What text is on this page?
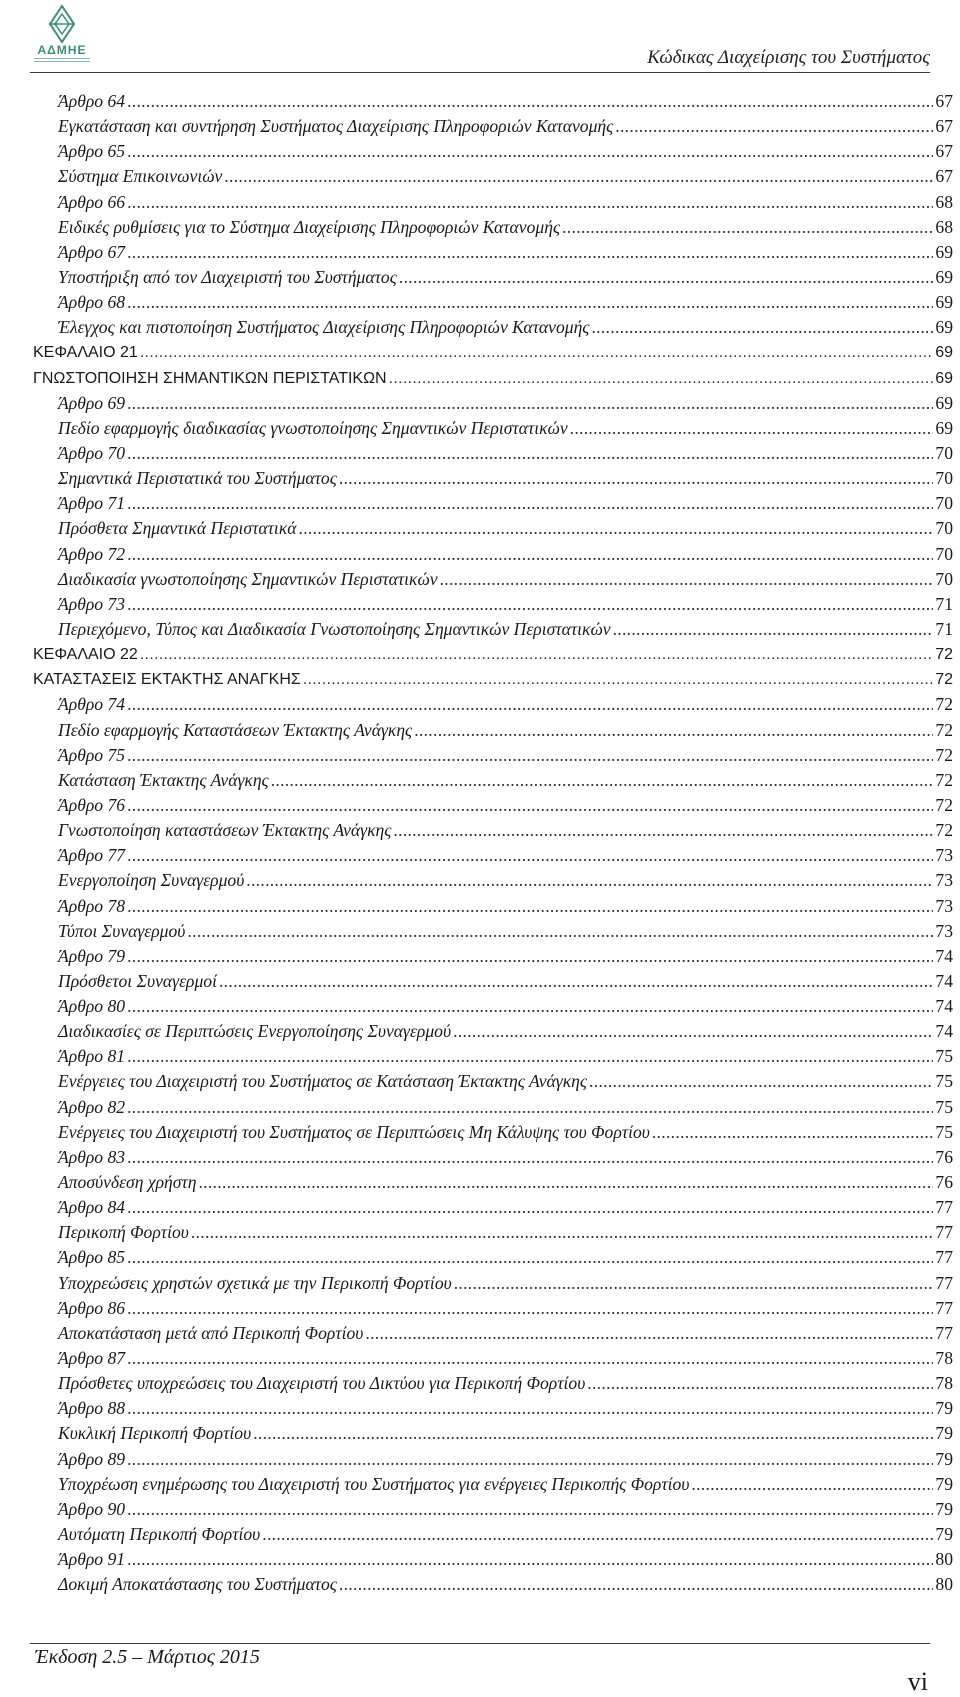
ΑΔΜΗΕ	Κώδικας Διαχείρισης του Συστήματος
Άρθρο 64 .....	67
Εγκατάσταση και συντήρηση Συστήματος Διαχείρισης Πληροφοριών Κατανομής .....	67
Άρθρο 65 .....	67
Σύστημα Επικοινωνιών .....	67
Άρθρο 66 .....	68
Ειδικές ρυθμίσεις για το Σύστημα Διαχείρισης Πληροφοριών Κατανομής .....	68
Άρθρο 67 .....	69
Υποστήριξη από τον Διαχειριστή του Συστήματος .....	69
Άρθρο 68 .....	69
Έλεγχος και πιστοποίηση Συστήματος Διαχείρισης Πληροφοριών Κατανομής .....	69
ΚΕΦΑΛΑΙΟ 21 .....	69
ΓΝΩΣΤΟΠΟΙΗΣΗ ΣΗΜΑΝΤΙΚΩΝ ΠΕΡΙΣΤΑΤΙΚΩΝ .....	69
Άρθρο 69 .....	69
Πεδίο εφαρμογής διαδικασίας γνωστοποίησης Σημαντικών Περιστατικών .....	69
Άρθρο 70 .....	70
Σημαντικά Περιστατικά του Συστήματος .....	70
Άρθρο 71 .....	70
Πρόσθετα Σημαντικά Περιστατικά .....	70
Άρθρο 72 .....	70
Διαδικασία γνωστοποίησης Σημαντικών Περιστατικών .....	70
Άρθρο 73 .....	71
Περιεχόμενο, Τύπος και Διαδικασία Γνωστοποίησης Σημαντικών Περιστατικών .....	71
ΚΕΦΑΛΑΙΟ 22 .....	72
ΚΑΤΑΣΤΑΣΕΙΣ ΕΚΤΑΚΤΗΣ ΑΝΑΓΚΗΣ .....	72
Άρθρο 74 .....	72
Πεδίο εφαρμογής Καταστάσεων Έκτακτης Ανάγκης .....	72
Άρθρο 75 .....	72
Κατάσταση Έκτακτης Ανάγκης .....	72
Άρθρο 76 .....	72
Γνωστοποίηση καταστάσεων Έκτακτης Ανάγκης .....	72
Άρθρο 77 .....	73
Ενεργοποίηση Συναγερμού .....	73
Άρθρο 78 .....	73
Τύποι Συναγερμού .....	73
Άρθρο 79 .....	74
Πρόσθετοι Συναγερμοί .....	74
Άρθρο 80 .....	74
Διαδικασίες σε Περιπτώσεις Ενεργοποίησης Συναγερμού .....	74
Άρθρο 81 .....	75
Ενέργειες του Διαχειριστή του Συστήματος σε Κατάσταση Έκτακτης Ανάγκης .....	75
Άρθρο 82 .....	75
Ενέργειες του Διαχειριστή του Συστήματος σε Περιπτώσεις Μη Κάλυψης του Φορτίου .....	75
Άρθρο 83 .....	76
Αποσύνδεση χρήστη .....	76
Άρθρο 84 .....	77
Περικοπή Φορτίου .....	77
Άρθρο 85 .....	77
Υποχρεώσεις χρηστών σχετικά με την Περικοπή Φορτίου .....	77
Άρθρο 86 .....	77
Αποκατάσταση μετά από Περικοπή Φορτίου .....	77
Άρθρο 87 .....	78
Πρόσθετες υποχρεώσεις του Διαχειριστή του Δικτύου για Περικοπή Φορτίου .....	78
Άρθρο 88 .....	79
Κυκλική Περικοπή Φορτίου .....	79
Άρθρο 89 .....	79
Υποχρέωση ενημέρωσης του Διαχειριστή του Συστήματος για ενέργειες Περικοπής Φορτίου .....	79
Άρθρο 90 .....	79
Αυτόματη Περικοπή Φορτίου .....	79
Άρθρο 91 .....	80
Δοκιμή Αποκατάστασης του Συστήματος .....	80
Έκδοση 2.5 – Μάρτιος 2015
vi
